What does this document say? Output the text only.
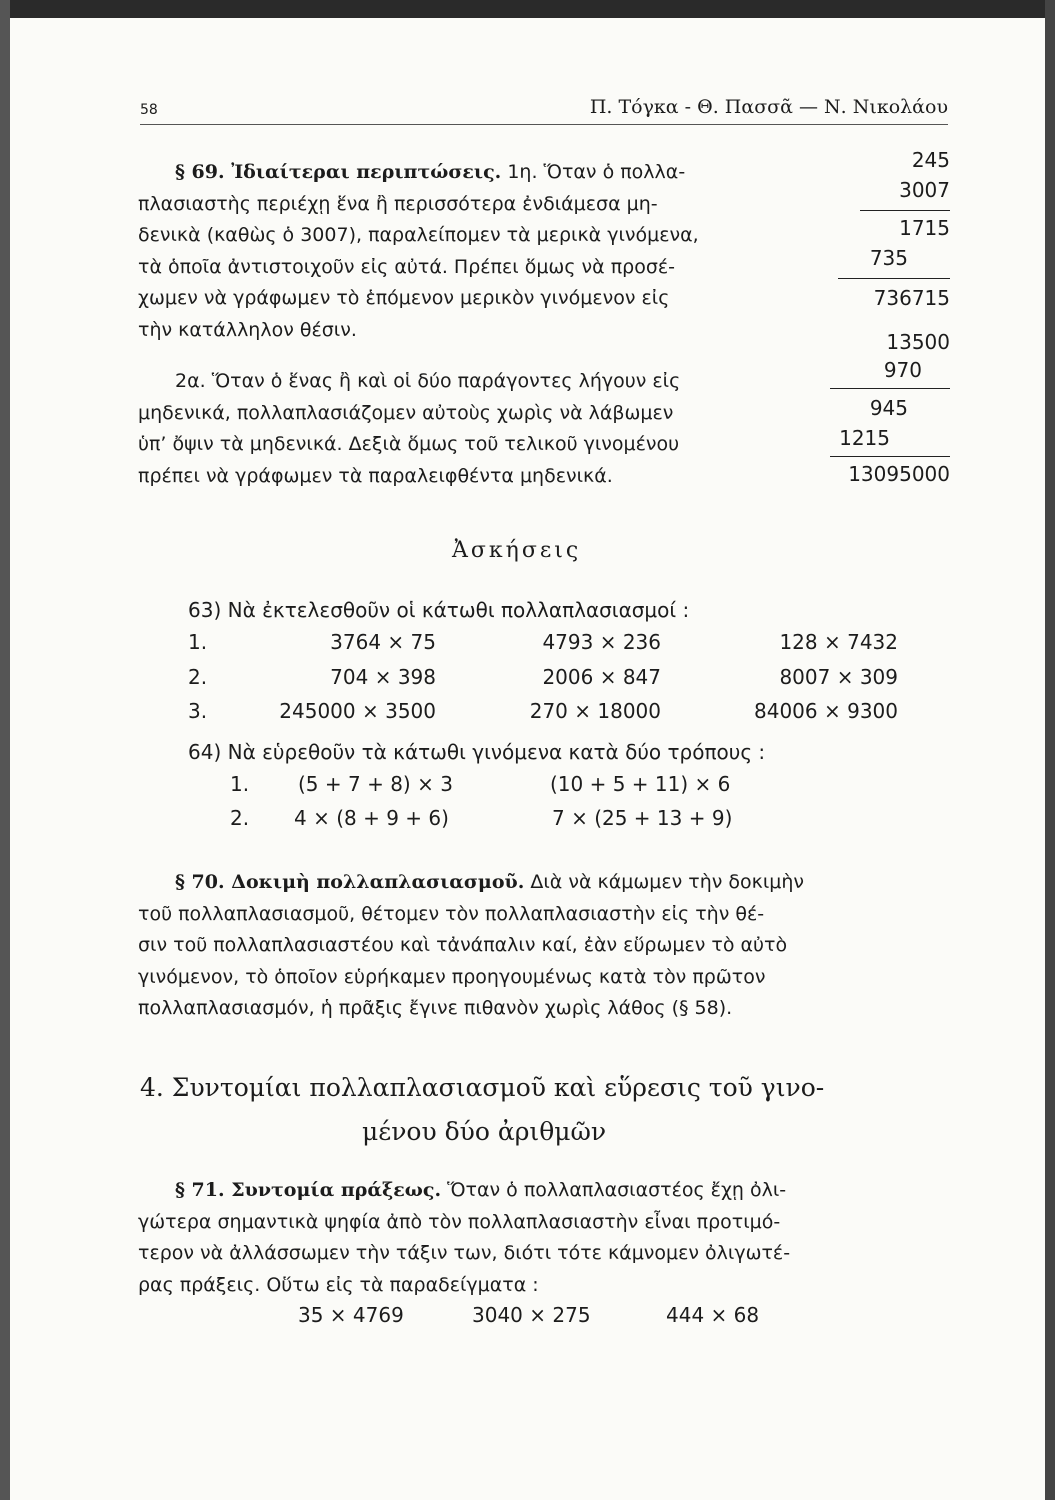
58	Π. Τόγκα - Θ. Πασσᾶ — Ν. Νικολάου
§ 69. Ἰδιαίτεραι περιπτώσεις. 1η. Ὅταν ὁ πολλα-
πλασιαστὴς περιέχῃ ἕνα ἢ περισσότερα ἐνδιάμεσα μη-
δενικὰ (καθὼς ὁ 3007), παραλείπομεν τὰ μερικὰ γινόμενα,
τὰ ὁποῖα ἀντιστοιχοῦν εἰς αὐτά. Πρέπει ὅμως νὰ προσέ-
χωμεν νὰ γράφωμεν τὸ ἑπόμενον μερικὸν γινόμενον εἰς
τὴν κατάλληλον θέσιν.
2α. Ὅταν ὁ ἕνας ἢ καὶ οἱ δύο παράγοντες λήγουν εἰς
μηδενικά, πολλαπλασιάζομεν αὐτοὺς χωρὶς νὰ λάβωμεν
ὑπ’ ὄψιν τὰ μηδενικά. Δεξιὰ ὅμως τοῦ τελικοῦ γινομένου
πρέπει νὰ γράφωμεν τὰ παραλειφθέντα μηδενικά.
245
3007
1715
735
736715
13500
970
945
1215
13095000
Ἀσκήσεις
63) Νὰ ἐκτελεσθοῦν οἱ κάτωθι πολλαπλασιασμοί :
1.	3764 × 75	4793 × 236	128 × 7432
2.	704 × 398	2006 × 847	8007 × 309
3.	245000 × 3500	270 × 18000	84006 × 9300
64) Νὰ εὑρεθοῦν τὰ κάτωθι γινόμενα κατὰ δύο τρόπους :
1. (5 + 7 + 8) × 3	(10 + 5 + 11) × 6
2. 4 × (8 + 9 + 6)	7 × (25 + 13 + 9)
§ 70. Δοκιμὴ πολλαπλασιασμοῦ. Διὰ νὰ κάμωμεν τὴν δοκιμὴν
τοῦ πολλαπλασιασμοῦ, θέτομεν τὸν πολλαπλασιαστὴν εἰς τὴν θέ-
σιν τοῦ πολλαπλασιαστέου καὶ τἀνάπαλιν καί, ἐὰν εὕρωμεν τὸ αὐτὸ
γινόμενον, τὸ ὁποῖον εὑρήκαμεν προηγουμένως κατὰ τὸν πρῶτον
πολλαπλασιασμόν, ἡ πρᾶξις ἔγινε πιθανὸν χωρὶς λάθος (§ 58).
4. Συντομίαι πολλαπλασιασμοῦ καὶ εὕρεσις τοῦ γινο-
μένου δύο ἀριθμῶν
§ 71. Συντομία πράξεως. Ὅταν ὁ πολλαπλασιαστέος ἔχῃ ὀλι-
γώτερα σημαντικὰ ψηφία ἀπὸ τὸν πολλαπλασιαστὴν εἶναι προτιμό-
τερον νὰ ἀλλάσσωμεν τὴν τάξιν των, διότι τότε κάμνομεν ὀλιγωτέ-
ρας πράξεις. Οὕτω εἰς τὰ παραδείγματα :
35 × 4769	3040 × 275	444 × 68
